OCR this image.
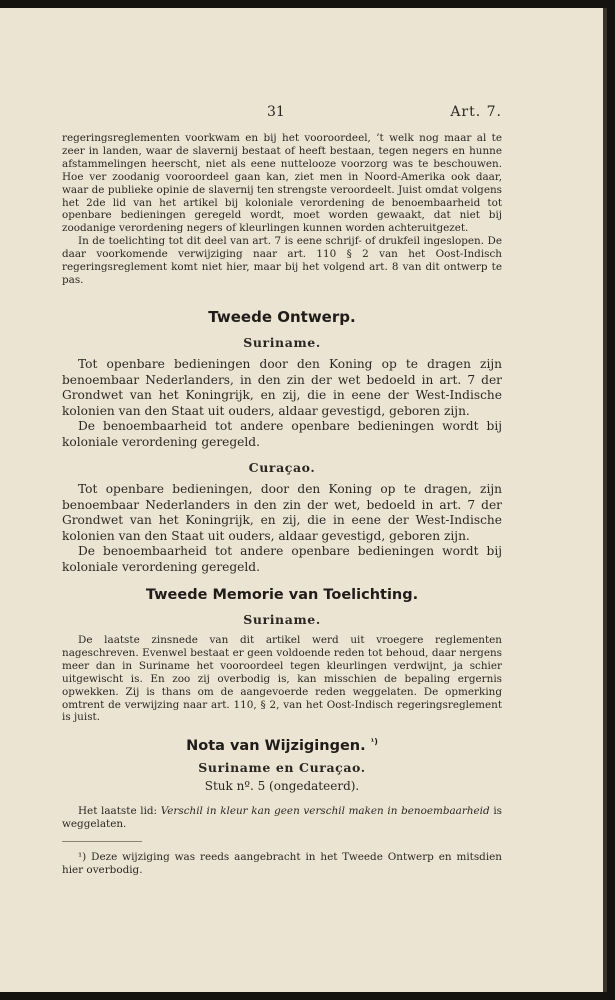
31	Art. 7.

regeringsreglementen voorkwam en bij het vooroordeel, ’t welk nog maar al te zeer in landen, waar de slavernij bestaat of heeft bestaan, tegen negers en hunne afstammelingen heerscht, niet als eene nuttelooze voorzorg was te beschouwen. Hoe ver zoodanig vooroordeel gaan kan, ziet men in Noord-Amerika ook daar, waar de publieke opinie de slavernij ten strengste veroordeelt. Juist omdat volgens het 2de lid van het artikel bij koloniale verordening de benoembaarheid tot openbare bedieningen geregeld wordt, moet worden gewaakt, dat niet bij zoodanige verordening negers of kleurlingen kunnen worden achteruitgezet.

In de toelichting tot dit deel van art. 7 is eene schrijf- of drukfeil ingeslopen. De daar voorkomende verwijziging naar art. 110 § 2 van het Oost-Indisch regeringsreglement komt niet hier, maar bij het volgend art. 8 van dit ontwerp te pas.

Tweede Ontwerp.
Suriname.

Tot openbare bedieningen door den Koning op te dragen zijn benoembaar Nederlanders, in den zin der wet bedoeld in art. 7 der Grondwet van het Koningrijk, en zij, die in eene der West-Indische kolonien van den Staat uit ouders, aldaar gevestigd, geboren zijn.

De benoembaarheid tot andere openbare bedieningen wordt bij koloniale verordening geregeld.

Curaçao.

Tot openbare bedieningen, door den Koning op te dragen, zijn benoembaar Nederlanders in den zin der wet, bedoeld in art. 7 der Grondwet van het Koningrijk, en zij, die in eene der West-Indische kolonien van den Staat uit ouders, aldaar gevestigd, geboren zijn.

De benoembaarheid tot andere openbare bedieningen wordt bij koloniale verordening geregeld.

Tweede Memorie van Toelichting.
Suriname.

De laatste zinsnede van dit artikel werd uit vroegere reglementen nageschreven. Evenwel bestaat er geen voldoende reden tot behoud, daar nergens meer dan in Suriname het vooroordeel tegen kleurlingen verdwijnt, ja schier uitgewischt is. En zoo zij overbodig is, kan misschien de bepaling ergernis opwekken. Zij is thans om de aangevoerde reden weggelaten. De opmerking omtrent de verwijzing naar art. 110, § 2, van het Oost-Indisch regeringsreglement is juist.

Nota van Wijzigingen. $^{^1)}$
Suriname en Curaçao.
Stuk nº. 5 (ongedateerd).

Het laatste lid: Verschil in kleur kan geen verschil maken in benoembaarheid is weggelaten.

¹) Deze wijziging was reeds aangebracht in het Tweede Ontwerp en mitsdien hier overbodig.
